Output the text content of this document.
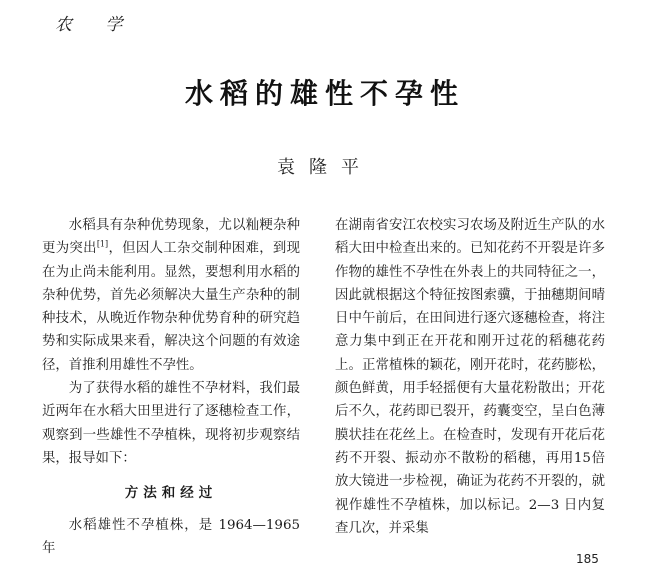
农 学
水稻的雄性不孕性
袁隆平

水稻具有杂种优势现象，尤以籼粳杂种更为突出[1]，但因人工杂交制种困难，到现在为止尚未能利用。显然，要想利用水稻的杂种优势，首先必须解决大量生产杂种的制种技术，从晚近作物杂种优势育种的研究趋势和实际成果来看，解决这个问题的有效途径，首推利用雄性不孕性。

为了获得水稻的雄性不孕材料，我们最近两年在水稻大田里进行了逐穗检查工作，观察到一些雄性不孕植株，现将初步观察结果，报导如下：

方法和经过

水稻雄性不孕植株，是 1964—1965 年

在湖南省安江农校实习农场及附近生产队的水稻大田中检查出来的。已知花药不开裂是许多作物的雄性不孕性在外表上的共同特征之一，因此就根据这个特征按图索骥，于抽穗期间晴日中午前后，在田间进行逐穴逐穗检查，将注意力集中到正在开花和刚开过花的稻穗花药上。正常植株的颖花，刚开花时，花药膨松，颜色鲜黄，用手轻摇便有大量花粉散出；开花后不久，花药即已裂开，药囊变空，呈白色薄膜状挂在花丝上。在检查时，发现有开花后花药不开裂、振动亦不散粉的稻穗，再用15倍放大镜进一步检视，确证为花药不开裂的，就视作雄性不孕植株，加以标记。2—3 日内复查几次，并采集

185
